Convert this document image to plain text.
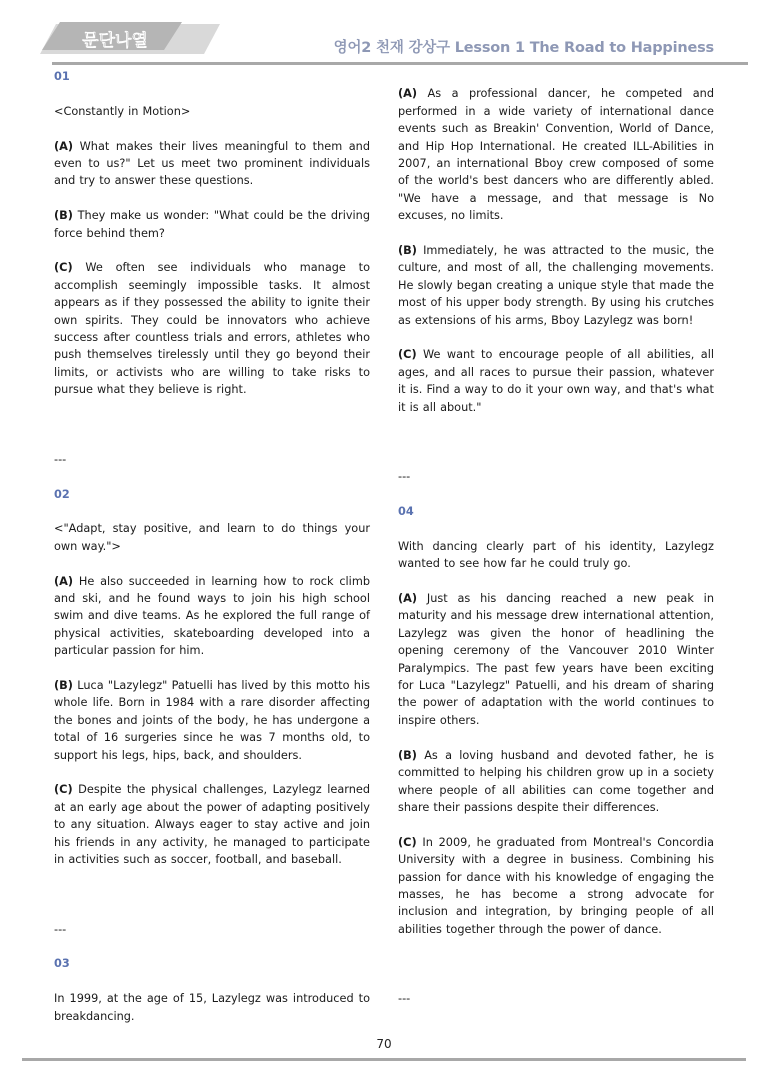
문단나열	영어2 천재 강상구 Lesson 1 The Road to Happiness

01

<Constantly in Motion>

(A) What makes their lives meaningful to them and even to us?" Let us meet two prominent individuals and try to answer these questions.

(B) They make us wonder: "What could be the driving force behind them?

(C) We often see individuals who manage to accomplish seemingly impossible tasks. It almost appears as if they possessed the ability to ignite their own spirits. They could be innovators who achieve success after countless trials and errors, athletes who push themselves tirelessly until they go beyond their limits, or activists who are willing to take risks to pursue what they believe is right.

---

02

<"Adapt, stay positive, and learn to do things your own way.">

(A) He also succeeded in learning how to rock climb and ski, and he found ways to join his high school swim and dive teams. As he explored the full range of physical activities, skateboarding developed into a particular passion for him.

(B) Luca "Lazylegz" Patuelli has lived by this motto his whole life. Born in 1984 with a rare disorder affecting the bones and joints of the body, he has undergone a total of 16 surgeries since he was 7 months old, to support his legs, hips, back, and shoulders.

(C) Despite the physical challenges, Lazylegz learned at an early age about the power of adapting positively to any situation. Always eager to stay active and join his friends in any activity, he managed to participate in activities such as soccer, football, and baseball.

---

03

In 1999, at the age of 15, Lazylegz was introduced to breakdancing.

(A) As a professional dancer, he competed and performed in a wide variety of international dance events such as Breakin' Convention, World of Dance, and Hip Hop International. He created ILL-Abilities in 2007, an international Bboy crew composed of some of the world's best dancers who are differently abled. "We have a message, and that message is No excuses, no limits.

(B) Immediately, he was attracted to the music, the culture, and most of all, the challenging movements. He slowly began creating a unique style that made the most of his upper body strength. By using his crutches as extensions of his arms, Bboy Lazylegz was born!

(C) We want to encourage people of all abilities, all ages, and all races to pursue their passion, whatever it is. Find a way to do it your own way, and that's what it is all about."

---

04

With dancing clearly part of his identity, Lazylegz wanted to see how far he could truly go.

(A) Just as his dancing reached a new peak in maturity and his message drew international attention, Lazylegz was given the honor of headlining the opening ceremony of the Vancouver 2010 Winter Paralympics. The past few years have been exciting for Luca "Lazylegz" Patuelli, and his dream of sharing the power of adaptation with the world continues to inspire others.

(B) As a loving husband and devoted father, he is committed to helping his children grow up in a society where people of all abilities can come together and share their passions despite their differences.

(C) In 2009, he graduated from Montreal's Concordia University with a degree in business. Combining his passion for dance with his knowledge of engaging the masses, he has become a strong advocate for inclusion and integration, by bringing people of all abilities together through the power of dance.

---

70
